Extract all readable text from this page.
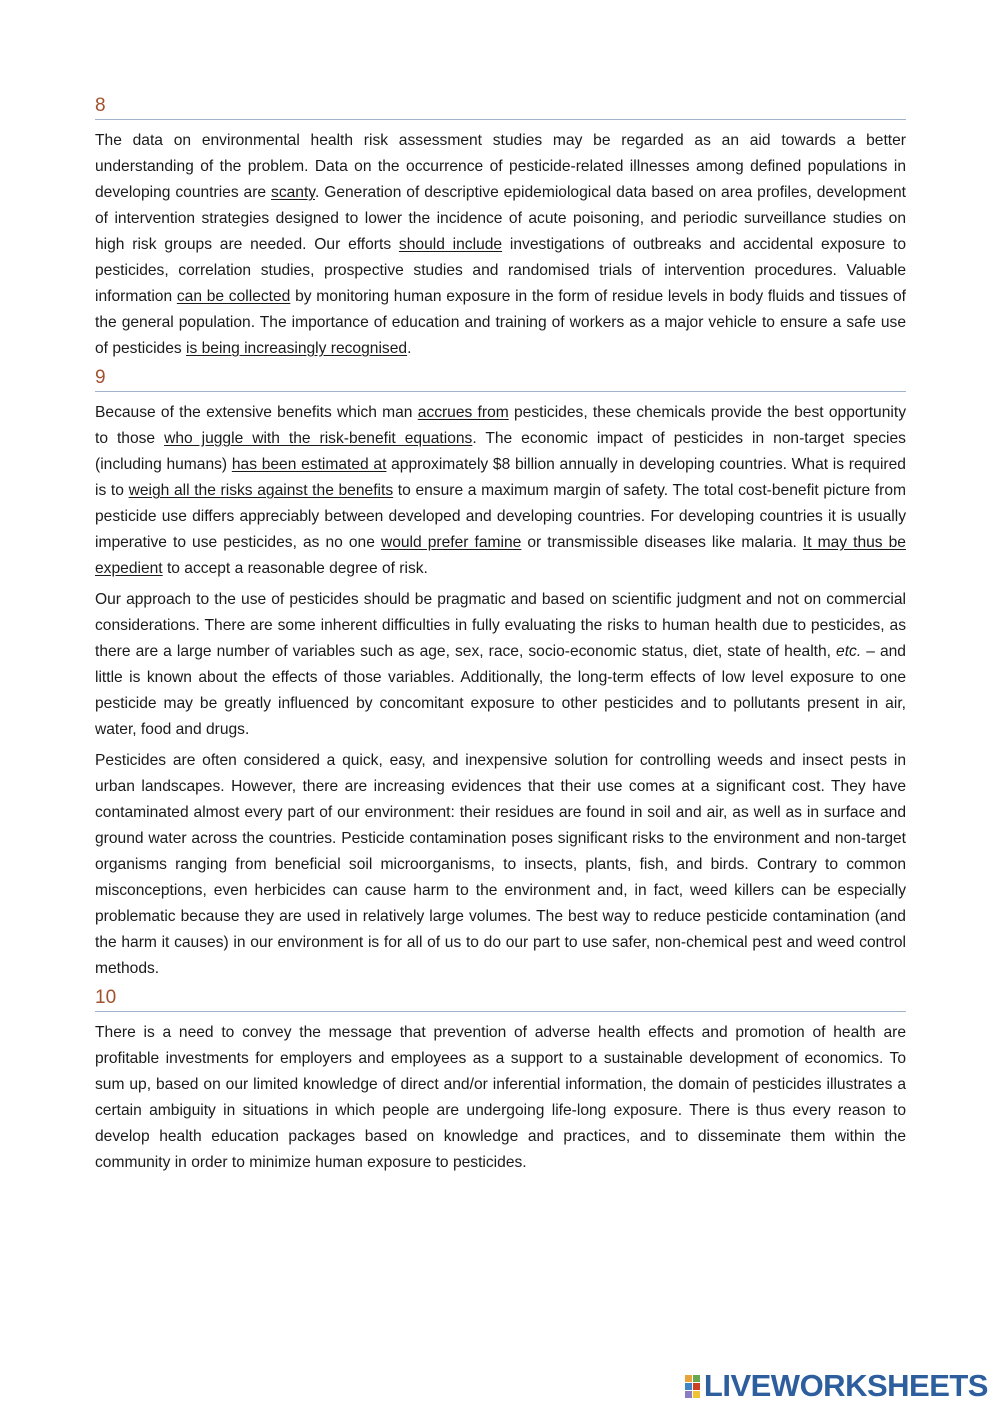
8

The data on environmental health risk assessment studies may be regarded as an aid towards a better understanding of the problem. Data on the occurrence of pesticide-related illnesses among defined populations in developing countries are scanty. Generation of descriptive epidemiological data based on area profiles, development of intervention strategies designed to lower the incidence of acute poisoning, and periodic surveillance studies on high risk groups are needed. Our efforts should include investigations of outbreaks and accidental exposure to pesticides, correlation studies, prospective studies and randomised trials of intervention procedures. Valuable information can be collected by monitoring human exposure in the form of residue levels in body fluids and tissues of the general population. The importance of education and training of workers as a major vehicle to ensure a safe use of pesticides is being increasingly recognised.

9

Because of the extensive benefits which man accrues from pesticides, these chemicals provide the best opportunity to those who juggle with the risk-benefit equations. The economic impact of pesticides in non-target species (including humans) has been estimated at approximately $8 billion annually in developing countries. What is required is to weigh all the risks against the benefits to ensure a maximum margin of safety. The total cost-benefit picture from pesticide use differs appreciably between developed and developing countries. For developing countries it is usually imperative to use pesticides, as no one would prefer famine or transmissible diseases like malaria. It may thus be expedient to accept a reasonable degree of risk.

Our approach to the use of pesticides should be pragmatic and based on scientific judgment and not on commercial considerations. There are some inherent difficulties in fully evaluating the risks to human health due to pesticides, as there are a large number of variables such as age, sex, race, socio-economic status, diet, state of health, etc. – and little is known about the effects of those variables. Additionally, the long-term effects of low level exposure to one pesticide may be greatly influenced by concomitant exposure to other pesticides and to pollutants present in air, water, food and drugs.

Pesticides are often considered a quick, easy, and inexpensive solution for controlling weeds and insect pests in urban landscapes. However, there are increasing evidences that their use comes at a significant cost. They have contaminated almost every part of our environment: their residues are found in soil and air, as well as in surface and ground water across the countries. Pesticide contamination poses significant risks to the environment and non-target organisms ranging from beneficial soil microorganisms, to insects, plants, fish, and birds. Contrary to common misconceptions, even herbicides can cause harm to the environment and, in fact, weed killers can be especially problematic because they are used in relatively large volumes. The best way to reduce pesticide contamination (and the harm it causes) in our environment is for all of us to do our part to use safer, non-chemical pest and weed control methods.

10

There is a need to convey the message that prevention of adverse health effects and promotion of health are profitable investments for employers and employees as a support to a sustainable development of economics. To sum up, based on our limited knowledge of direct and/or inferential information, the domain of pesticides illustrates a certain ambiguity in situations in which people are undergoing life-long exposure. There is thus every reason to develop health education packages based on knowledge and practices, and to disseminate them within the community in order to minimize human exposure to pesticides.

LIVEWORKSHEETS
